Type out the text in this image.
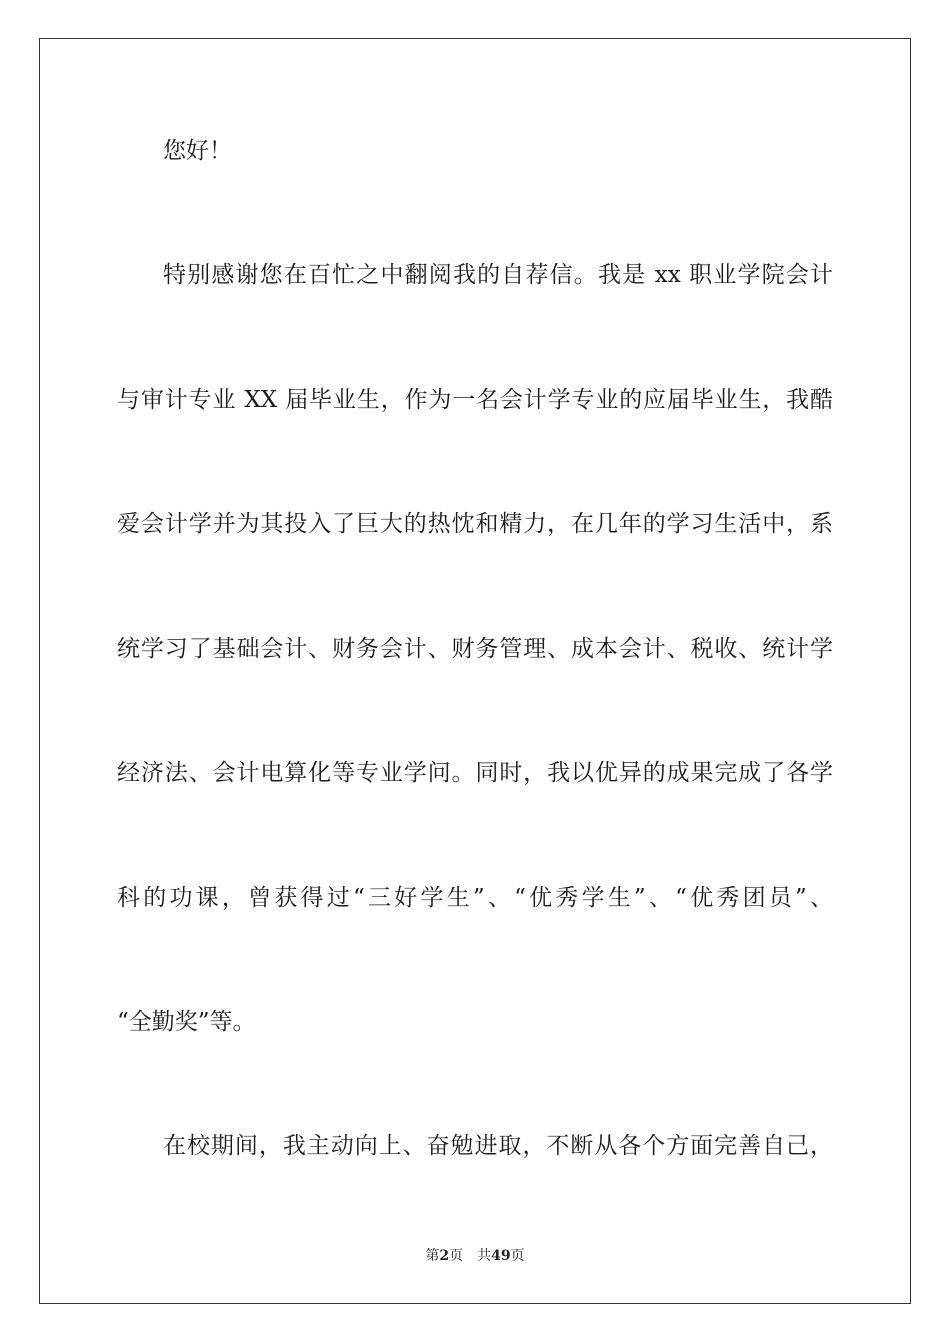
您好！
特别感谢您在百忙之中翻阅我的自荐信。我是 xx 职业学院会计
与审计专业 XX 届毕业生，作为一名会计学专业的应届毕业生，我酷
爱会计学并为其投入了巨大的热忱和精力，在几年的学习生活中，系
统学习了基础会计、财务会计、财务管理、成本会计、税收、统计学
经济法、会计电算化等专业学问。同时，我以优异的成果完成了各学
科的功课，曾获得过“三好学生”、“优秀学生”、“优秀团员”、
“全勤奖”等。
在校期间，我主动向上、奋勉进取，不断从各个方面完善自己，
第2页 共49页
